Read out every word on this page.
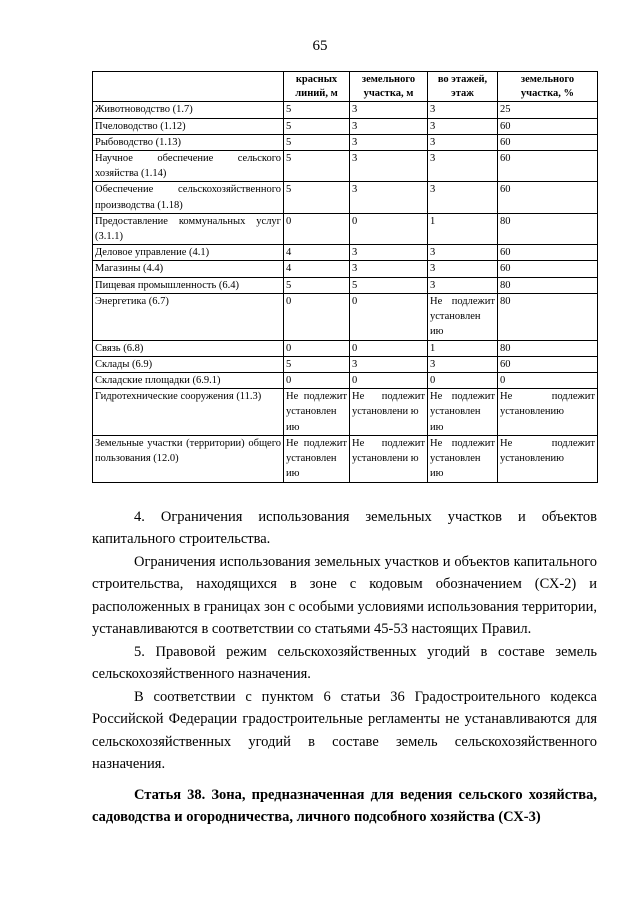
65
	красных линий, м	земельного участка, м	во этажей, этаж	земельного участка, %
Животноводство (1.7)	5	3	3	25
Пчеловодство (1.12)	5	3	3	60
Рыбоводство (1.13)	5	3	3	60
Научное обеспечение сельского хозяйства (1.14)	5	3	3	60
Обеспечение сельскохозяйственного производства (1.18)	5	3	3	60
Предоставление коммунальных услуг (3.1.1)	0	0	1	80
Деловое управление (4.1)	4	3	3	60
Магазины (4.4)	4	3	3	60
Пищевая промышленность (6.4)	5	5	3	80
Энергетика (6.7)	0	0	Не подлежит установлен ию	80
Связь (6.8)	0	0	1	80
Склады (6.9)	5	3	3	60
Складские площадки (6.9.1)	0	0	0	0
Гидротехнические сооружения (11.3)	Не подлежит установлен ию	Не подлежит установлени ю	Не подлежит установлен ию	Не подлежит установлению
Земельные участки (территории) общего пользования (12.0)	Не подлежит установлен ию	Не подлежит установлени ю	Не подлежит установлен ию	Не подлежит установлению

4. Ограничения использования земельных участков и объектов капитального строительства.

Ограничения использования земельных участков и объектов капитального строительства, находящихся в зоне с кодовым обозначением (СХ-2) и расположенных в границах зон с особыми условиями использования территории, устанавливаются в соответствии со статьями 45-53 настоящих Правил.

5. Правовой режим сельскохозяйственных угодий в составе земель сельскохозяйственного назначения.

В соответствии с пунктом 6 статьи 36 Градостроительного кодекса Российской Федерации градостроительные регламенты не устанавливаются для сельскохозяйственных угодий в составе земель сельскохозяйственного назначения.

Статья 38. Зона, предназначенная для ведения сельского хозяйства, садоводства и огородничества, личного подсобного хозяйства (СХ-3)
